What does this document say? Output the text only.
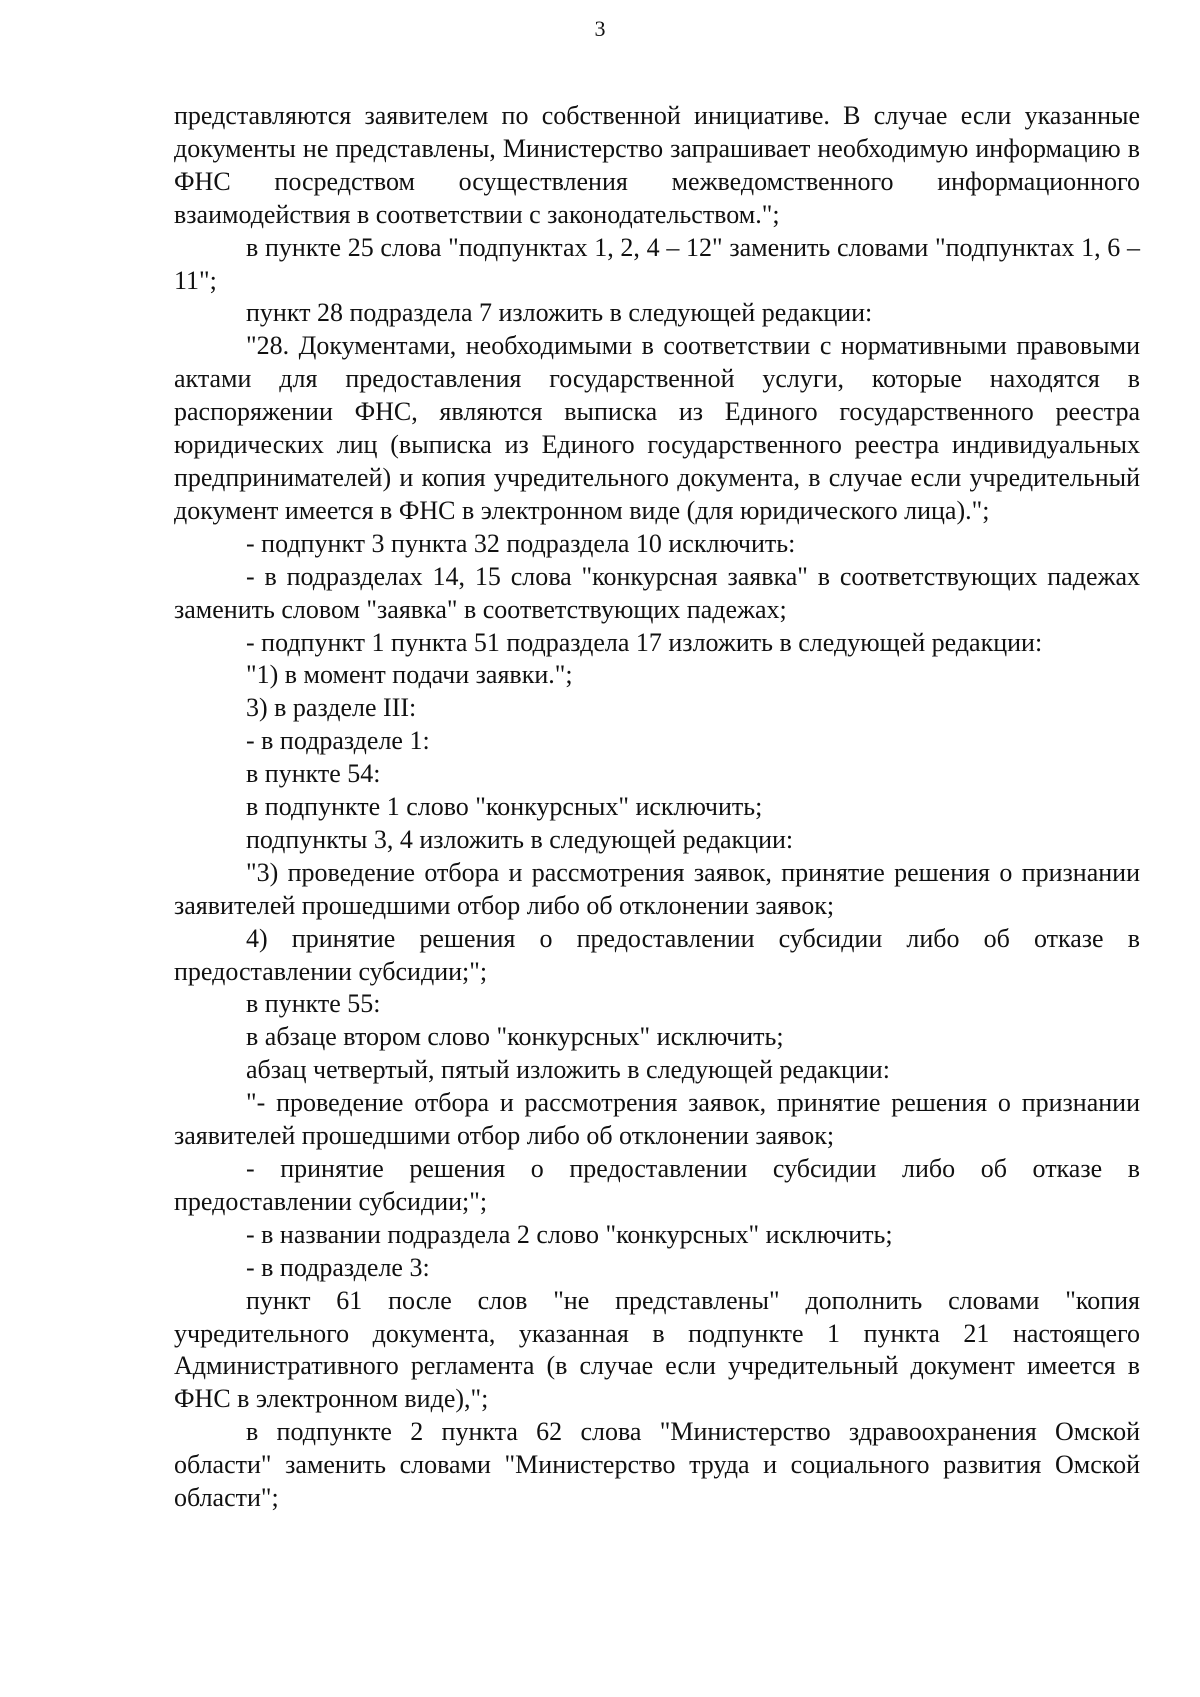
3

представляются заявителем по собственной инициативе. В случае если указанные документы не представлены, Министерство запрашивает необходимую информацию в ФНС посредством осуществления межведомственного информационного взаимодействия в соответствии с законодательством.";

в пункте 25 слова "подпунктах 1, 2, 4 – 12" заменить словами "подпунктах 1, 6 – 11";

пункт 28 подраздела 7 изложить в следующей редакции:

"28. Документами, необходимыми в соответствии с нормативными правовыми актами для предоставления государственной услуги, которые находятся в распоряжении ФНС, являются выписка из Единого государственного реестра юридических лиц (выписка из Единого государственного реестра индивидуальных предпринимателей) и копия учредительного документа, в случае если учредительный документ имеется в ФНС в электронном виде (для юридического лица).";

- подпункт 3 пункта 32 подраздела 10 исключить:

- в подразделах 14, 15 слова "конкурсная заявка" в соответствующих падежах заменить словом "заявка" в соответствующих падежах;

- подпункт 1 пункта 51 подраздела 17 изложить в следующей редакции:

"1) в момент подачи заявки.";

3) в разделе III:

- в подразделе 1:

в пункте 54:

в подпункте 1 слово "конкурсных" исключить;

подпункты 3, 4 изложить в следующей редакции:

"3) проведение отбора и рассмотрения заявок, принятие решения о признании заявителей прошедшими отбор либо об отклонении заявок;

4) принятие решения о предоставлении субсидии либо об отказе в предоставлении субсидии;";

в пункте 55:

в абзаце втором слово "конкурсных" исключить;

абзац четвертый, пятый изложить в следующей редакции:

"- проведение отбора и рассмотрения заявок, принятие решения о признании заявителей прошедшими отбор либо об отклонении заявок;

- принятие решения о предоставлении субсидии либо об отказе в предоставлении субсидии;";

- в названии подраздела 2 слово "конкурсных" исключить;

- в подразделе 3:

пункт 61 после слов "не представлены" дополнить словами "копия учредительного документа, указанная в подпункте 1 пункта 21 настоящего Административного регламента (в случае если учредительный документ имеется в ФНС в электронном виде),";

в подпункте 2 пункта 62 слова "Министерство здравоохранения Омской области" заменить словами "Министерство труда и социального развития Омской области";
